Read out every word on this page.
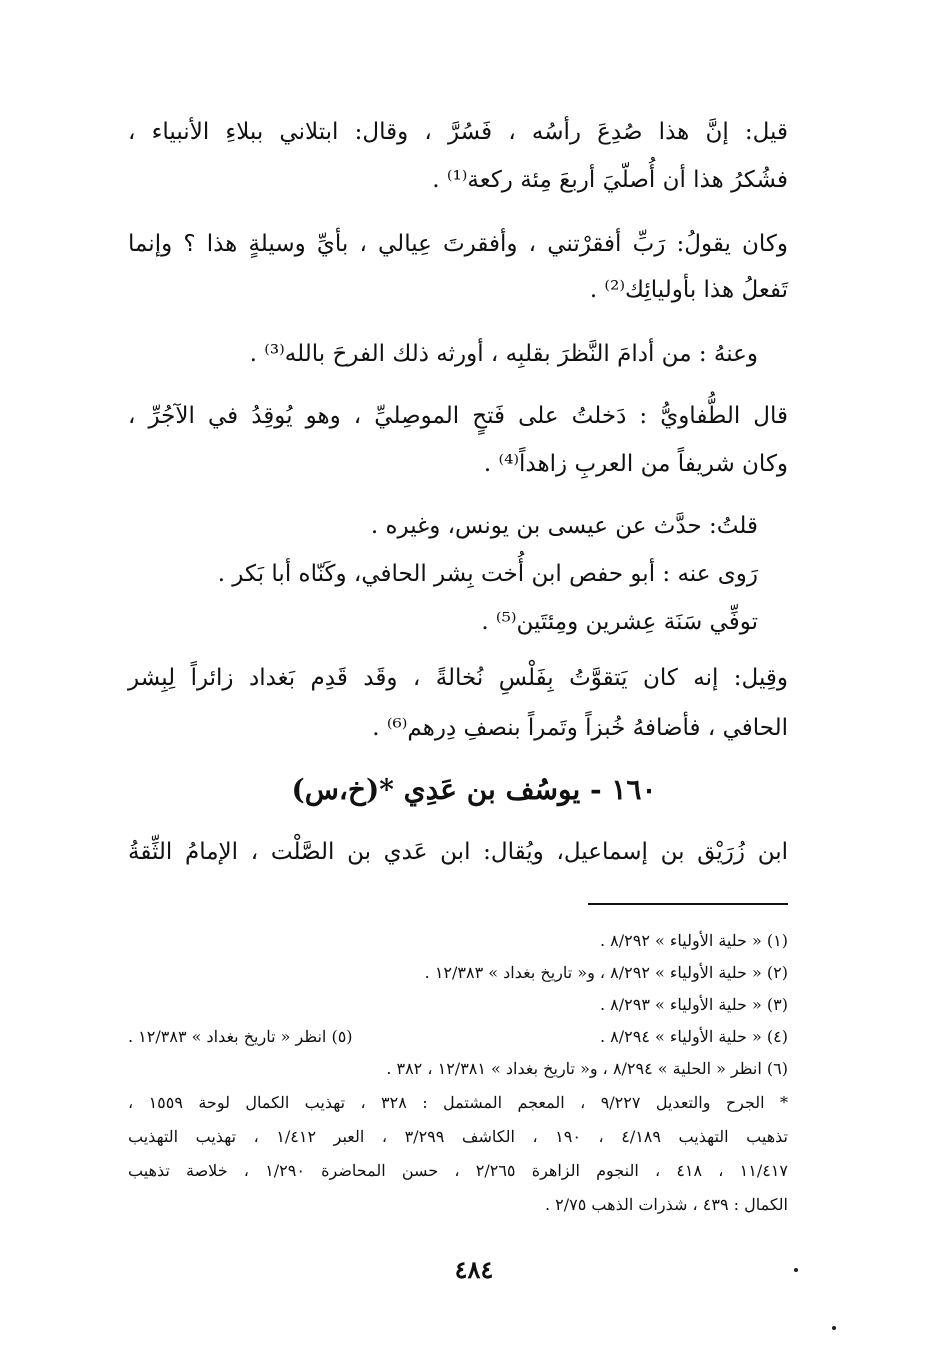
قيل: إنَّ هذا صُدِعَ رأسُه ، فَسُرَّ ، وقال: ابتلاني ببلاءِ الأنبياء ،
فشُكرُ هذا أن أُصلّيَ أربعَ مِئة ركعة⁽¹⁾ .
وكان يقولُ: رَبِّ أفقرْتني ، وأفقرتَ عِيالي ، بأيِّ وسيلةٍ هذا ؟ وإنما
تَفعلُ هذا بأوليائِك⁽²⁾ .
وعنهُ : من أدامَ النَّظرَ بقلبِه ، أورثه ذلك الفرحَ بالله⁽³⁾ .
قال الطُّفاويُّ : دَخلتُ على فَتحٍ الموصِليِّ ، وهو يُوقِدُ في الآجُرِّ ،
وكان شريفاً من العربِ زاهداً⁽⁴⁾ .
قلتُ: حدَّث عن عيسى بن يونس، وغيره .
رَوى عنه : أبو حفص ابن أُخت بِشر الحافي، وكَنّاه أبا بَكر .
توفِّي سَنَة عِشرين ومِئتَين⁽⁵⁾ .
وقِيل: إنه كان يَتقوَّتُ بِفَلْسِ نُخالةً ، وقَد قَدِم بَغداد زائراً لِبِشر
الحافي ، فأضافهُ خُبزاً وتَمراً بنصفِ دِرهم⁽⁶⁾ .
١٦٠ - يوسُف بن عَدِي *(خ،س)
ابن زُرَيْق بن إسماعيل، ويُقال: ابن عَدي بن الصَّلْت ، الإمامُ الثِّقةُ
(١) « حلية الأولياء » ٨/٢٩٢ .
(٢) « حلية الأولياء » ٨/٢٩٢ ، و« تاريخ بغداد » ١٢/٣٨٣ .
(٣) « حلية الأولياء » ٨/٢٩٣ .
(٤) « حلية الأولياء » ٨/٢٩٤ .
(٥) انظر « تاريخ بغداد » ١٢/٣٨٣ .
(٦) انظر « الحلية » ٨/٢٩٤ ، و« تاريخ بغداد » ١٢/٣٨١ ، ٣٨٢ .
* الجرح والتعديل ٩/٢٢٧ ، المعجم المشتمل : ٣٢٨ ، تهذيب الكمال لوحة ١٥٥٩ ،
تذهيب التهذيب ٤/١٨٩ ، ١٩٠ ، الكاشف ٣/٢٩٩ ، العبر ١/٤١٢ ، تهذيب التهذيب
١١/٤١٧ ، ٤١٨ ، النجوم الزاهرة ٢/٢٦٥ ، حسن المحاضرة ١/٢٩٠ ، خلاصة تذهيب
الكمال : ٤٣٩ ، شذرات الذهب ٢/٧٥ .
٤٨٤
